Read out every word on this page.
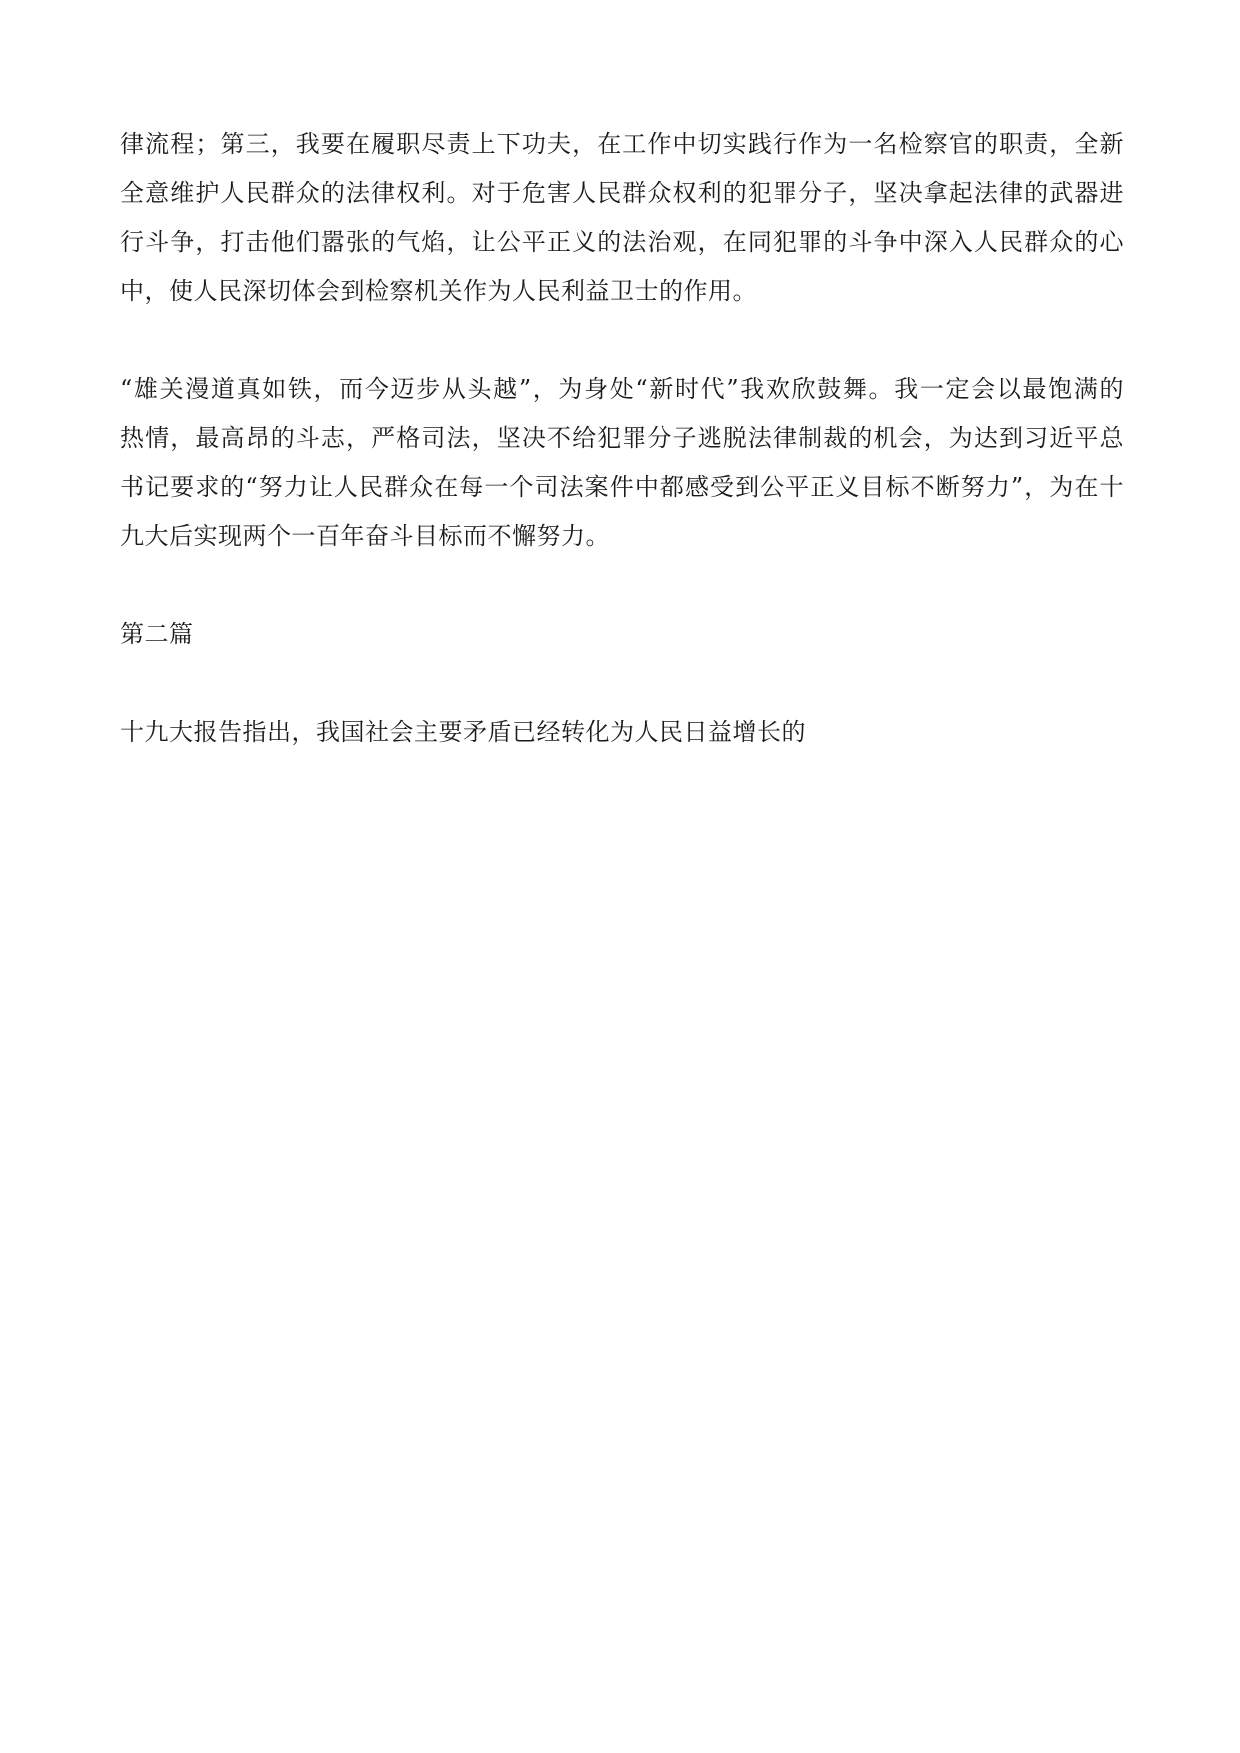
律流程；第三，我要在履职尽责上下功夫，在工作中切实践行作为一名检察官的职责，全新
全意维护人民群众的法律权利。对于危害人民群众权利的犯罪分子，坚决拿起法律的武器进
行斗争，打击他们嚣张的气焰，让公平正义的法治观，在同犯罪的斗争中深入人民群众的心
中，使人民深切体会到检察机关作为人民利益卫士的作用。
“雄关漫道真如铁，而今迈步从头越”，为身处“新时代”我欢欣鼓舞。我一定会以最饱满的
热情，最高昂的斗志，严格司法，坚决不给犯罪分子逃脱法律制裁的机会，为达到习近平总
书记要求的“努力让人民群众在每一个司法案件中都感受到公平正义目标不断努力”，为在十
九大后实现两个一百年奋斗目标而不懈努力。
第二篇
十九大报告指出，我国社会主要矛盾已经转化为人民日益增长的
